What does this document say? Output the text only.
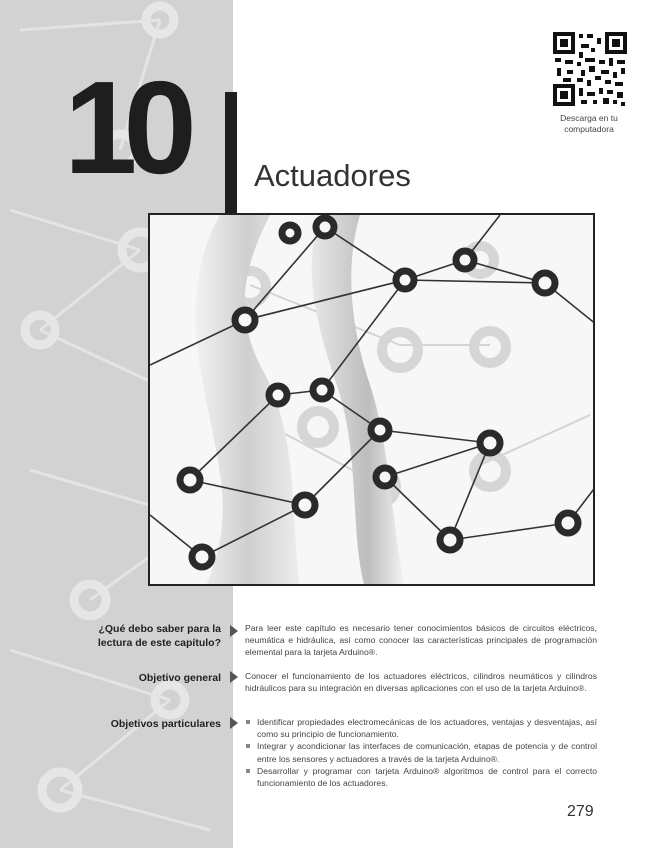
10 Actuadores
Descarga en tu
computadora
¿Qué debo saber para la
lectura de este capítulo?
Para leer este capítulo es necesario tener conocimientos básicos de circuitos eléctricos, neumática e hidráulica, así como conocer las características principales de programación elemental para la tarjeta Arduino®.
Objetivo general	Conocer el funcionamiento de los actuadores eléctricos, cilindros neumáticos y cilindros hidráulicos para su integración en diversas aplicaciones con el uso de la tarjeta Arduino®.
Objetivos particulares	Identificar propiedades electromecánicas de los actuadores, ventajas y desventajas, así como su principio de funcionamiento.
Integrar y acondicionar las interfaces de comunicación, etapas de potencia y de control entre los sensores y actuadores a través de la tarjeta Arduino®.
Desarrollar y programar con tarjeta Arduino® algoritmos de control para el correcto funcionamiento de los actuadores.
279
